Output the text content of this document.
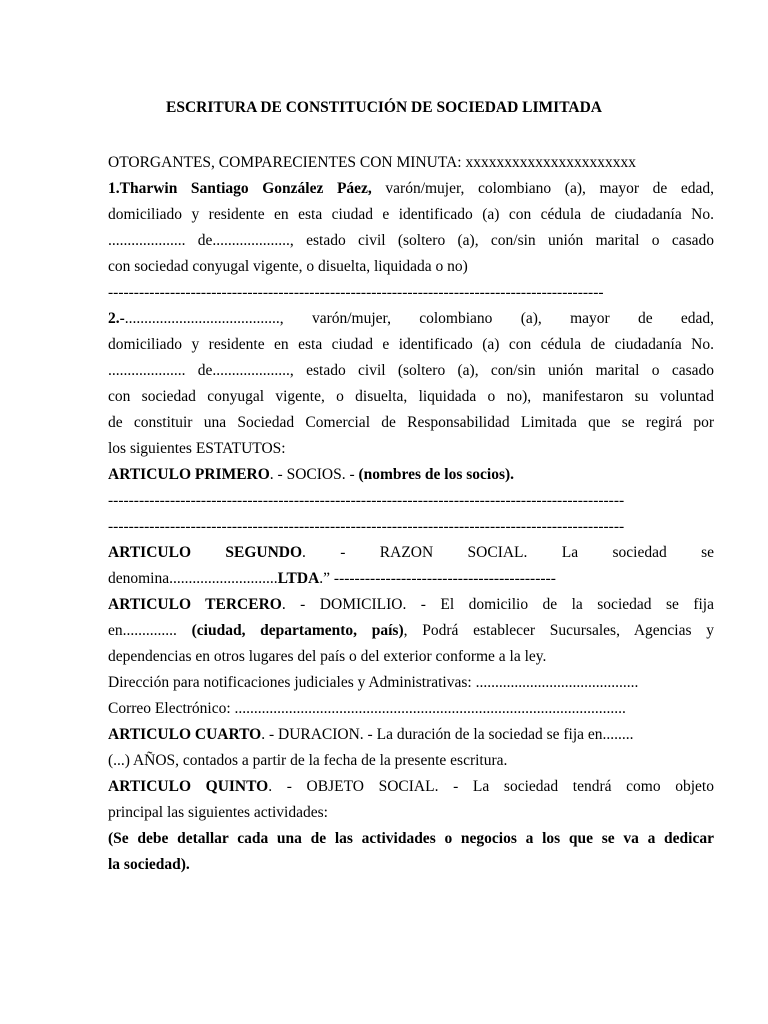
ESCRITURA DE CONSTITUCIÓN DE SOCIEDAD LIMITADA

OTORGANTES, COMPARECIENTES CON MINUTA: xxxxxxxxxxxxxxxxxxxxxx

1.Tharwin Santiago González Páez, varón/mujer, colombiano (a), mayor de edad,

domiciliado y residente en esta ciudad e identificado (a) con cédula de ciudadanía No.

.................... de...................., estado civil (soltero (a), con/sin unión marital o casado

con sociedad conyugal vigente, o disuelta, liquidada o no)

------------------------------------------------------------------------------------------------

2.-........................................, varón/mujer, colombiano (a), mayor de edad,

domiciliado y residente en esta ciudad e identificado (a) con cédula de ciudadanía No.

.................... de...................., estado civil (soltero (a), con/sin unión marital o casado

con sociedad conyugal vigente, o disuelta, liquidada o no), manifestaron su voluntad

de constituir una Sociedad Comercial de Responsabilidad Limitada que se regirá por

los siguientes ESTATUTOS:

ARTICULO PRIMERO. - SOCIOS. - (nombres de los socios).

----------------------------------------------------------------------------------------------------

----------------------------------------------------------------------------------------------------

ARTICULO SEGUNDO. - RAZON SOCIAL. La sociedad se

denomina............................LTDA.” -------------------------------------------

ARTICULO TERCERO. - DOMICILIO. - El domicilio de la sociedad se fija

en.............. (ciudad, departamento, país), Podrá establecer Sucursales, Agencias y

dependencias en otros lugares del país o del exterior conforme a la ley.

Dirección para notificaciones judiciales y Administrativas: ..........................................

Correo Electrónico: .....................................................................................................

ARTICULO CUARTO. - DURACION. - La duración de la sociedad se fija en........

(...) AÑOS, contados a partir de la fecha de la presente escritura.

ARTICULO QUINTO. - OBJETO SOCIAL. - La sociedad tendrá como objeto

principal las siguientes actividades:

(Se debe detallar cada una de las actividades o negocios a los que se va a dedicar

la sociedad).
